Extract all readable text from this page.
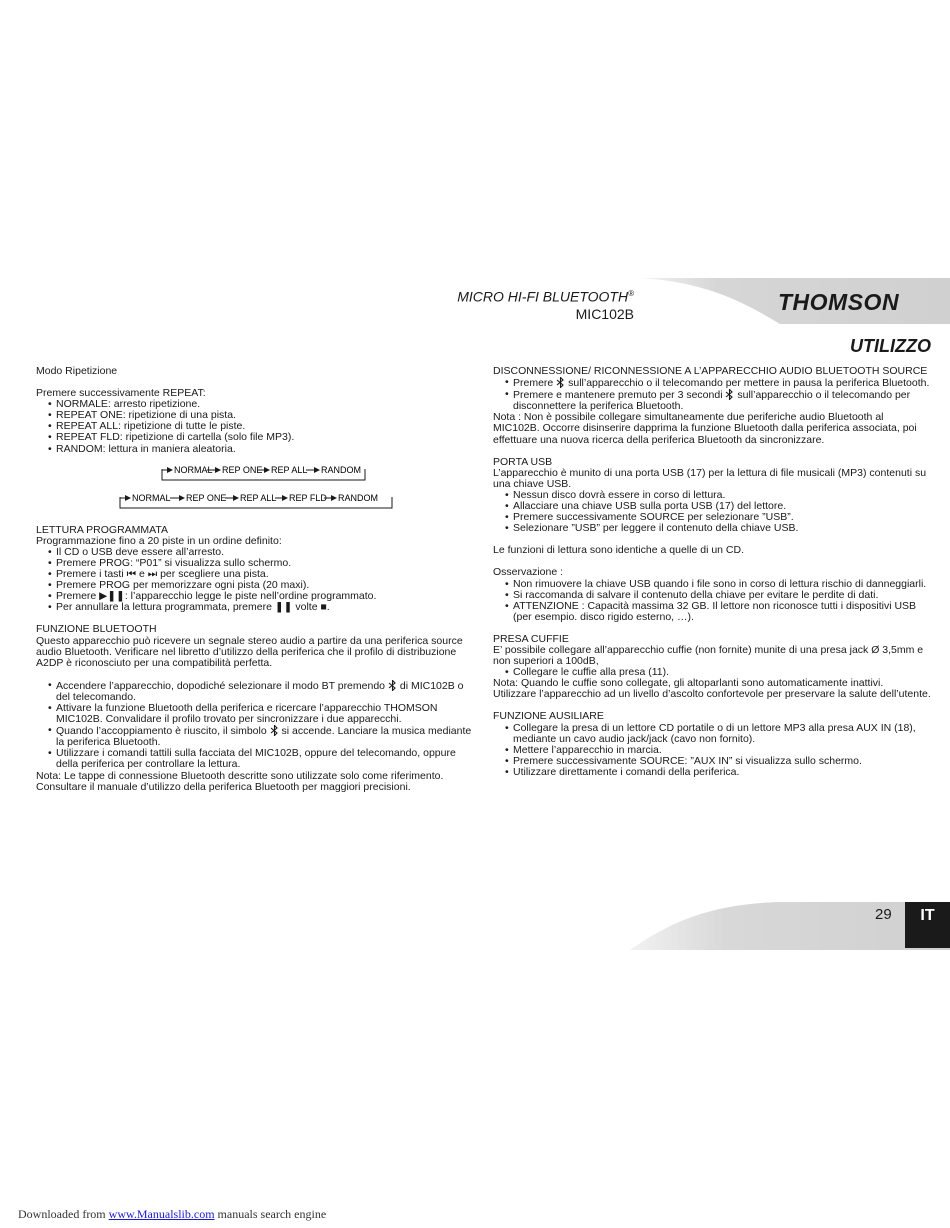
MICRO HI-FI BLUETOOTH®
MIC102B	THOMSON
UTILIZZO

Modo Ripetizione

Premere successivamente REPEAT:

• NORMALE: arresto ripetizione.
• REPEAT ONE: ripetizione di una pista.
• REPEAT ALL: ripetizione di tutte le piste.
• REPEAT FLD: ripetizione di cartella (solo file MP3).
• RANDOM: lettura in maniera aleatoria.
NORMAL REP ONE REP ALL RANDOM
NORMAL REP ONE REP ALL REP FLD RANDOM

LETTURA PROGRAMMATA

Programmazione fino a 20 piste in un ordine definito:

• Il CD o USB deve essere all’arresto.
• Premere PROG: “P01” si visualizza sullo schermo.
• Premere i tasti ⏮ e ⏭ per scegliere una pista.
• Premere PROG per memorizzare ogni pista (20 maxi).
• Premere ▶❚❚: l’apparecchio legge le piste nell’ordine programmato.
• Per annullare la lettura programmata, premere ❚❚ volte ■.

FUNZIONE BLUETOOTH

Questo apparecchio può ricevere un segnale stereo audio a partire da una periferica source audio Bluetooth. Verificare nel libretto d’utilizzo della periferica che il profilo di distribuzione A2DP è riconosciuto per una compatibilità perfetta.

• Accendere l’apparecchio, dopodiché selezionare il modo BT premendo di MIC102B o del telecomando.
• Attivare la funzione Bluetooth della periferica e ricercare l’apparecchio THOMSON MIC102B. Convalidare il profilo trovato per sincronizzare i due apparecchi.
• Quando l’accoppiamento è riuscito, il simbolo si accende. Lanciare la musica mediante la periferica Bluetooth.
• Utilizzare i comandi tattili sulla facciata del MIC102B, oppure del telecomando, oppure della periferica per controllare la lettura.

Nota: Le tappe di connessione Bluetooth descritte sono utilizzate solo come riferimento. Consultare il manuale d’utilizzo della periferica Bluetooth per maggiori precisioni.

DISCONNESSIONE/ RICONNESSIONE A L’APPARECCHIO AUDIO BLUETOOTH SOURCE

• Premere sull’apparecchio o il telecomando per mettere in pausa la periferica Bluetooth.
• Premere e mantenere premuto per 3 secondi sull’apparecchio o il telecomando per disconnettere la periferica Bluetooth.

Nota : Non è possibile collegare simultaneamente due periferiche audio Bluetooth al MIC102B. Occorre disinserire dapprima la funzione Bluetooth dalla periferica associata, poi effettuare una nuova ricerca della periferica Bluetooth da sincronizzare.

PORTA USB

L’apparecchio è munito di una porta USB (17) per la lettura di file musicali (MP3) contenuti su una chiave USB.

• Nessun disco dovrà essere in corso di lettura.
• Allacciare una chiave USB sulla porta USB (17) del lettore.
• Premere successivamente SOURCE per selezionare ”USB”.
• Selezionare ”USB” per leggere il contenuto della chiave USB.

Le funzioni di lettura sono identiche a quelle di un CD.

Osservazione :

• Non rimuovere la chiave USB quando i file sono in corso di lettura rischio di danneggiarli.
• Si raccomanda di salvare il contenuto della chiave per evitare le perdite di dati.
• ATTENZIONE : Capacità massima 32 GB. Il lettore non riconosce tutti i dispositivi USB (per esempio. disco rigido esterno, …).

PRESA CUFFIE

E’ possibile collegare all’apparecchio cuffie (non fornite) munite di una presa jack Ø 3,5mm e non superiori a 100dB,

• Collegare le cuffie alla presa (11).

Nota: Quando le cuffie sono collegate, gli altoparlanti sono automaticamente inattivi.

Utilizzare l’apparecchio ad un livello d’ascolto confortevole per preservare la salute dell’utente.

FUNZIONE AUSILIARE

• Collegare la presa di un lettore CD portatile o di un lettore MP3 alla presa AUX IN (18), mediante un cavo audio jack/jack (cavo non fornito).
• Mettere l’apparecchio in marcia.
• Premere successivamente SOURCE: ”AUX IN” si visualizza sullo schermo.
• Utilizzare direttamente i comandi della periferica.
29	IT
Downloaded from www.Manualslib.com manuals search engine
